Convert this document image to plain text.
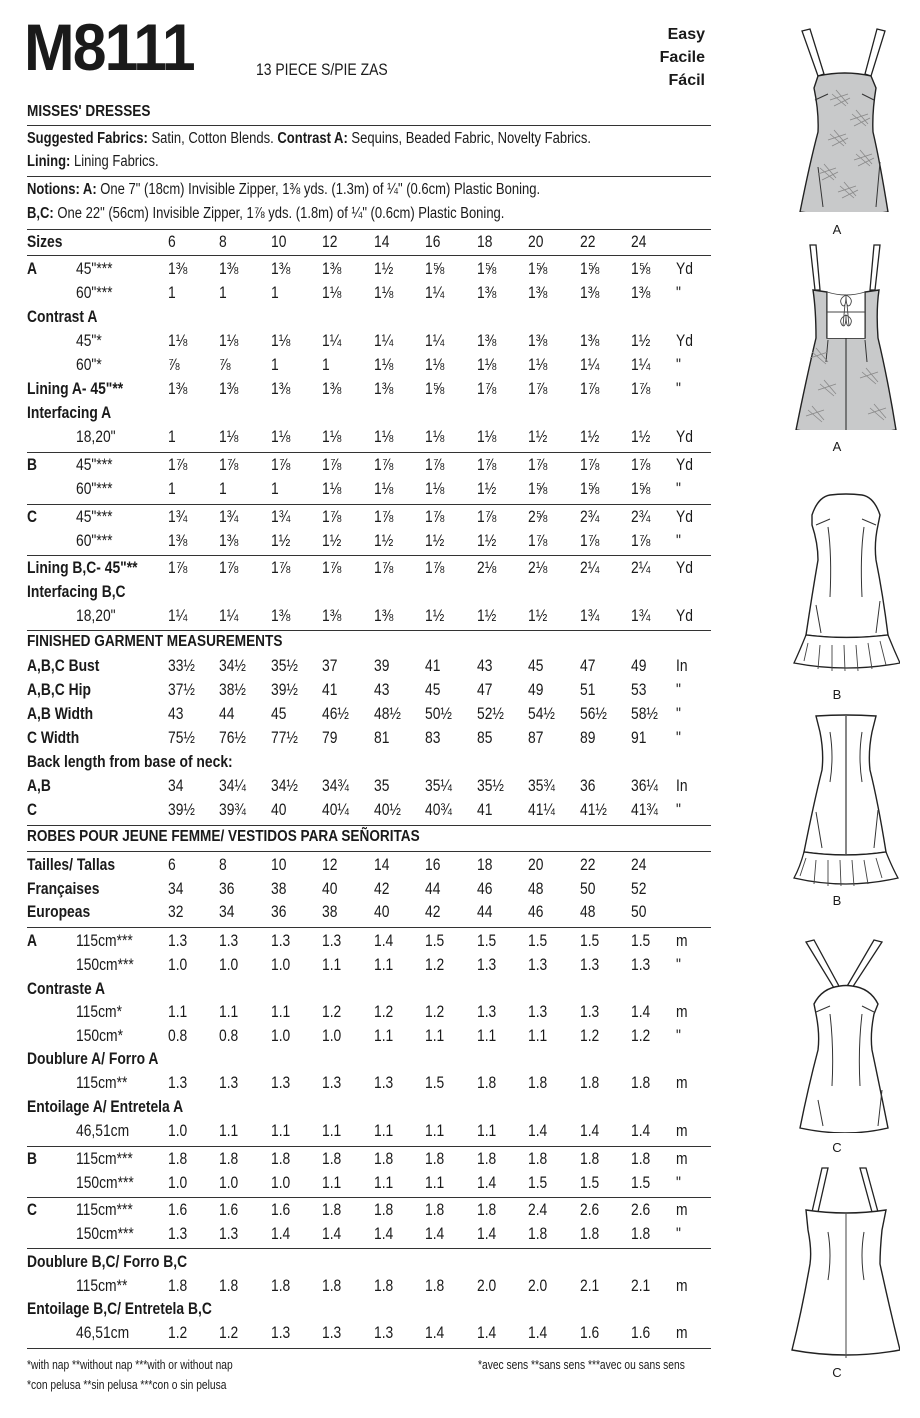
M8111	13 PIECE S/PIE ZAS
Easy
Facile
Fácil
MISSES' DRESSES
Suggested Fabrics: Satin, Cotton Blends. Contrast A: Sequins, Beaded Fabric, Novelty Fabrics.
Lining: Lining Fabrics.
Notions: A: One 7" (18cm) Invisible Zipper, 1⅜ yds. (1.3m) of ¼" (0.6cm) Plastic Boning.
B,C: One 22" (56cm) Invisible Zipper, 1⅞ yds. (1.8m) of ¼" (0.6cm) Plastic Boning.
Sizes	6	8	10 12 14 16 18 20 22 24
A 45"***	1⅜ 1⅜ 1⅜ 1⅜ 1½ 1⅝ 1⅝ 1⅝ 1⅝ 1⅝ Yd
60"***	1	1	1	1⅛ 1⅛ 1¼ 1⅜ 1⅜ 1⅜ 1⅜ "
Contrast A
45"*	1⅛ 1⅛ 1⅛ 1¼ 1¼ 1¼ 1⅜ 1⅜ 1⅜ 1½ Yd
60"*	⅞ ⅞ 1	1	1⅛ 1⅛ 1⅛ 1⅛ 1¼ 1¼ "
Lining A- 45"**	1⅜ 1⅜ 1⅜ 1⅜ 1⅜ 1⅝ 1⅞ 1⅞ 1⅞ 1⅞ "
Interfacing A
18,20"	1	1⅛ 1⅛ 1⅛ 1⅛ 1⅛ 1⅛ 1½ 1½ 1½ Yd
B 45"***	1⅞ 1⅞ 1⅞ 1⅞ 1⅞ 1⅞ 1⅞ 1⅞ 1⅞ 1⅞ Yd
60"***	1	1	1	1⅛ 1⅛ 1⅛ 1½ 1⅝ 1⅝ 1⅝ "
C 45"***	1¾ 1¾ 1¾ 1⅞ 1⅞ 1⅞ 1⅞ 2⅝ 2¾ 2¾ Yd
60"***	1⅜ 1⅜ 1½ 1½ 1½ 1½ 1½ 1⅞ 1⅞ 1⅞ "
Lining B,C- 45"** 1⅞ 1⅞ 1⅞ 1⅞ 1⅞ 1⅞ 2⅛ 2⅛ 2¼ 2¼ Yd
Interfacing B,C
18,20"	1¼ 1¼ 1⅜ 1⅜ 1⅜ 1½ 1½ 1½ 1¾ 1¾ Yd
FINISHED GARMENT MEASUREMENTS
A,B,C Bust	33½ 34½ 35½ 37 39 41 43 45 47 49 In
A,B,C Hip	37½ 38½ 39½ 41 43 45 47 49 51 53 "
A,B Width	43 44 45 46½ 48½ 50½ 52½ 54½ 56½ 58½ "
C Width	75½ 76½ 77½ 79 81 83 85 87 89 91 "
Back length from base of neck:
A,B	34 34¼ 34½ 34¾ 35 35¼ 35½ 35¾ 36 36¼ In
C	39½ 39¾ 40 40¼ 40½ 40¾ 41 41¼ 41½ 41¾ "
ROBES POUR JEUNE FEMME/ VESTIDOS PARA SEÑORITAS
Tailles/ Tallas	6	8	10 12 14 16 18 20 22 24
Françaises	34 36 38 40 42 44 46 48 50 52
Europeas	32 34 36 38 40 42 44 46 48 50
A 115cm*** 1.3 1.3 1.3 1.3 1.4 1.5 1.5 1.5 1.5 1.5 m
150cm*** 1.0 1.0 1.0 1.1 1.1 1.2 1.3 1.3 1.3 1.3 "
Contraste A
115cm*	1.1 1.1 1.1 1.2 1.2 1.2 1.3 1.3 1.3 1.4 m
150cm*	0.8 0.8 1.0 1.0 1.1 1.1 1.1 1.1 1.2 1.2 "
Doublure A/ Forro A
115cm** 1.3 1.3 1.3 1.3 1.3 1.5 1.8 1.8 1.8 1.8 m
Entoilage A/ Entretela A
46,51cm 1.0 1.1 1.1 1.1 1.1 1.1 1.1 1.4 1.4 1.4 m
B 115cm*** 1.8 1.8 1.8 1.8 1.8 1.8 1.8 1.8 1.8 1.8 m
150cm*** 1.0 1.0 1.0 1.1 1.1 1.1 1.4 1.5 1.5 1.5 "
C 115cm*** 1.6 1.6 1.6 1.8 1.8 1.8 1.8 2.4 2.6 2.6 m
150cm*** 1.3 1.3 1.4 1.4 1.4 1.4 1.4 1.8 1.8 1.8 "
Doublure B,C/ Forro B,C
115cm** 1.8 1.8 1.8 1.8 1.8 1.8 2.0 2.0 2.1 2.1 m
Entoilage B,C/ Entretela B,C
46,51cm 1.2 1.2 1.3 1.3 1.3 1.4 1.4 1.4 1.6 1.6 m
*with nap **without nap ***with or without nap
*con pelusa **sin pelusa ***con o sin pelusa
*avec sens **sans sens ***avec ou sans sens
A
A
B
B
C
C
